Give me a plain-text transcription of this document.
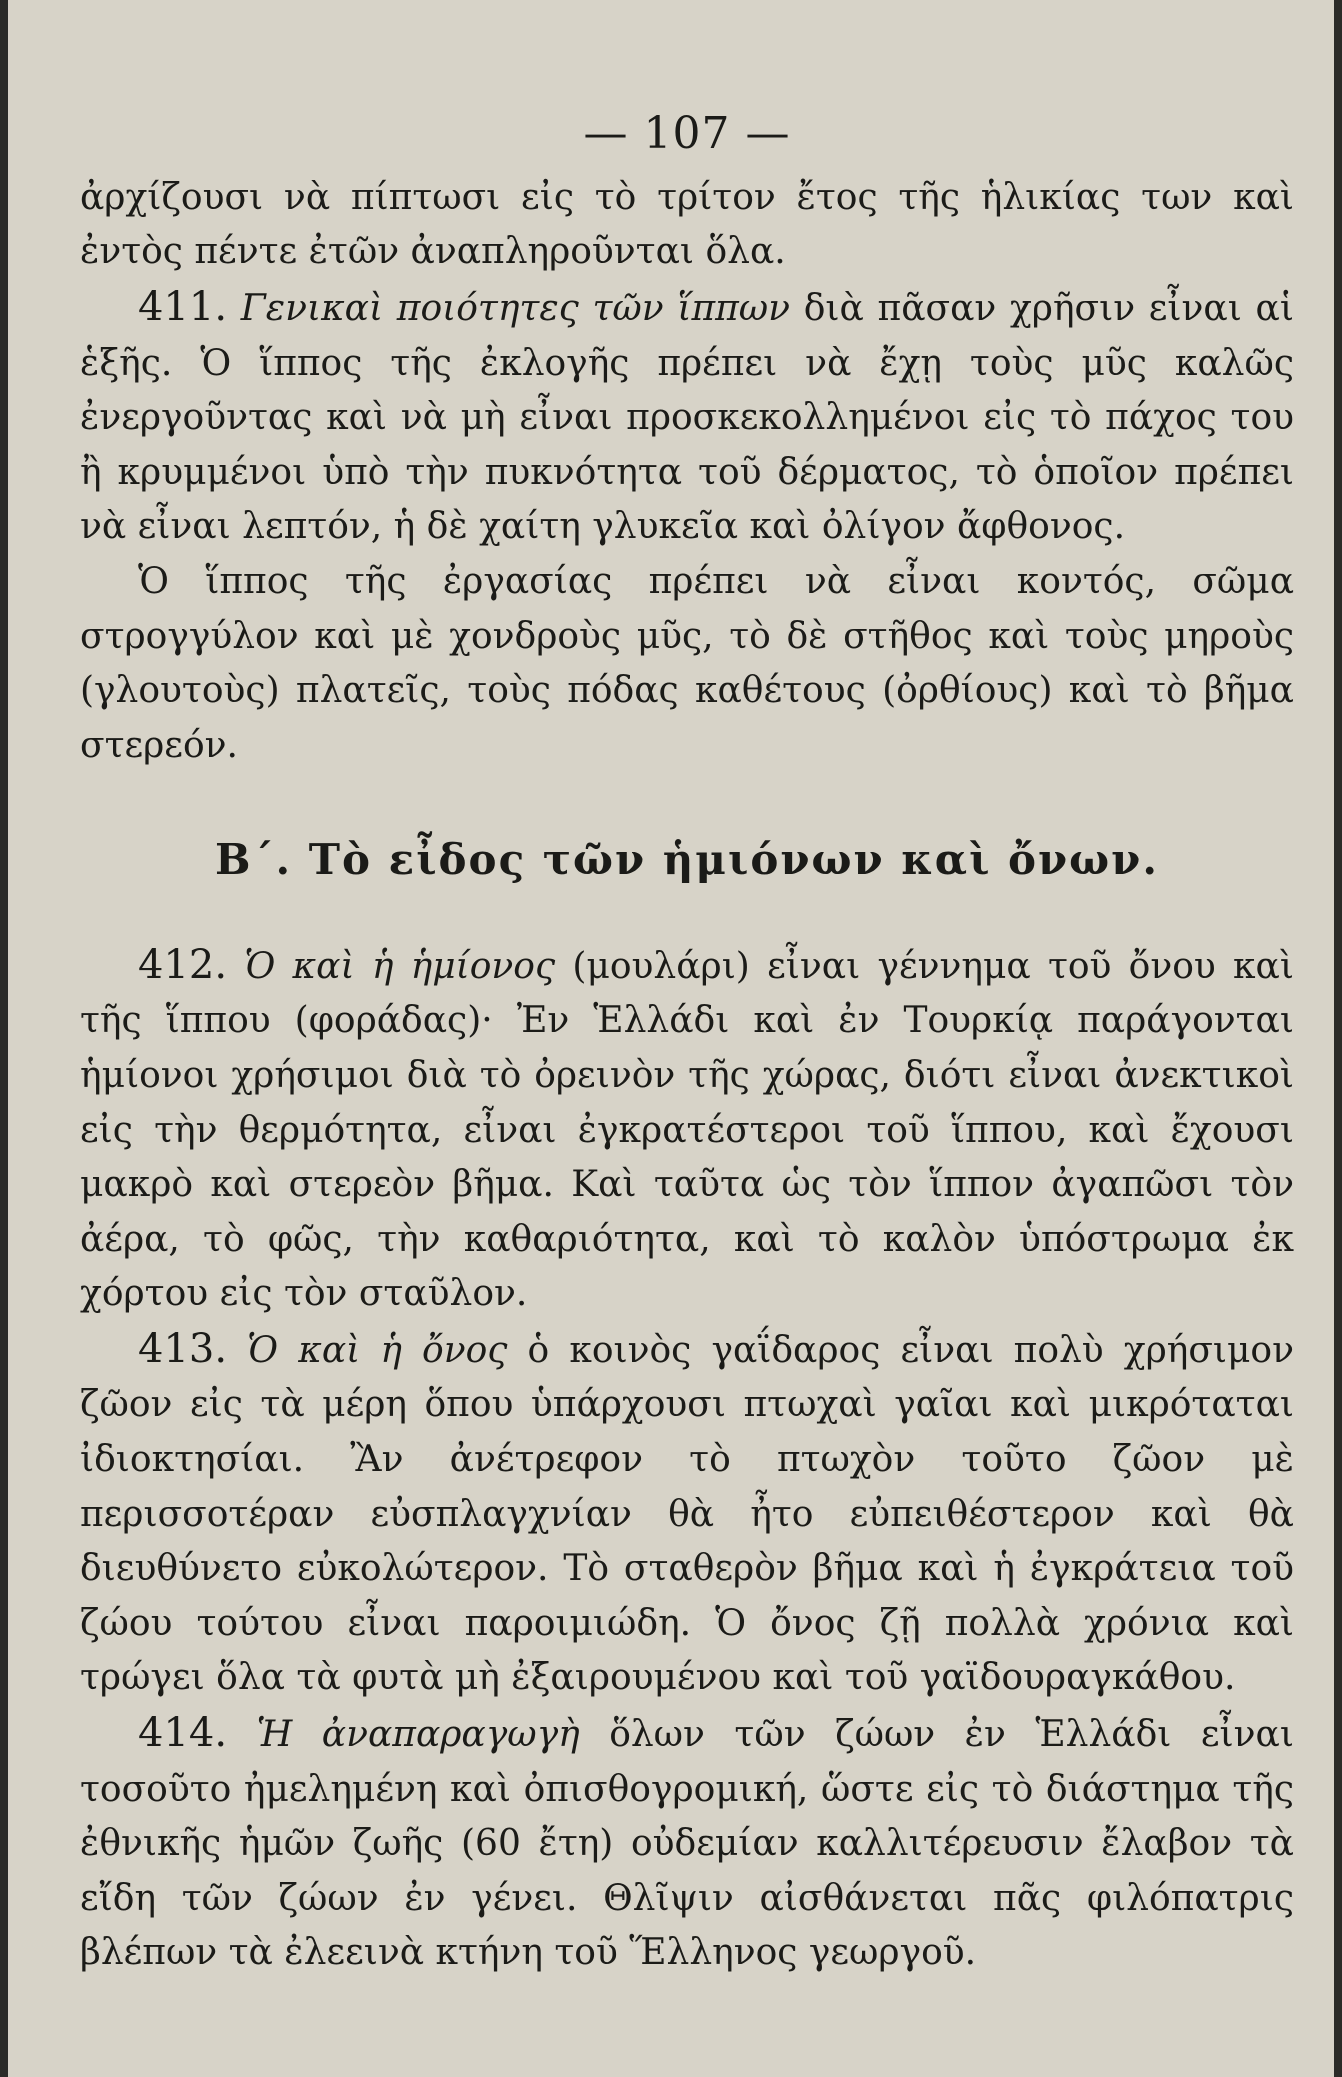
— 107 —

ἀρχίζουσι νὰ πίπτωσι εἰς τὸ τρίτον ἔτος τῆς ἡλικίας των καὶ ἐντὸς πέντε ἐτῶν ἀναπληροῦνται ὅλα.

411. Γενικαὶ ποιότητες τῶν ἵππων διὰ πᾶσαν χρῆσιν εἶναι αἱ ἑξῆς. Ὁ ἵππος τῆς ἐκλογῆς πρέπει νὰ ἔχῃ τοὺς μῦς καλῶς ἐνεργοῦντας καὶ νὰ μὴ εἶναι προσκεκολλημένοι εἰς τὸ πάχος του ἢ κρυμμένοι ὑπὸ τὴν πυκνότητα τοῦ δέρματος, τὸ ὁποῖον πρέπει νὰ εἶναι λεπτόν, ἡ δὲ χαίτη γλυκεῖα καὶ ὀλίγον ἄφθονος.

Ὁ ἵππος τῆς ἐργασίας πρέπει νὰ εἶναι κοντός, σῶμα στρογγύλον καὶ μὲ χονδροὺς μῦς, τὸ δὲ στῆθος καὶ τοὺς μηροὺς (γλουτοὺς) πλατεῖς, τοὺς πόδας καθέτους (ὀρθίους) καὶ τὸ βῆμα στερεόν.

Β΄. Τὸ εἶδος τῶν ἡμιόνων καὶ ὄνων.

412. Ὁ καὶ ἡ ἡμίονος (μουλάρι) εἶναι γέννημα τοῦ ὄνου καὶ τῆς ἵππου (φοράδας)· Ἐν Ἑλλάδι καὶ ἐν Τουρκίᾳ παράγονται ἡμίονοι χρήσιμοι διὰ τὸ ὀρεινὸν τῆς χώρας, διότι εἶναι ἀνεκτικοὶ εἰς τὴν θερμότητα, εἶναι ἐγκρατέστεροι τοῦ ἵππου, καὶ ἔχουσι μακρὸ καὶ στερεὸν βῆμα. Καὶ ταῦτα ὡς τὸν ἵππον ἀγαπῶσι τὸν ἀέρα, τὸ φῶς, τὴν καθαριότητα, καὶ τὸ καλὸν ὑπόστρωμα ἐκ χόρτου εἰς τὸν σταῦλον.

413. Ὁ καὶ ἡ ὄνος ὁ κοινὸς γαΐδαρος εἶναι πολὺ χρήσιμον ζῶον εἰς τὰ μέρη ὅπου ὑπάρχουσι πτωχαὶ γαῖαι καὶ μικρόταται ἰδιοκτησίαι. Ἂν ἀνέτρεφον τὸ πτωχὸν τοῦτο ζῶον μὲ περισσοτέραν εὐσπλαγχνίαν θὰ ἦτο εὐπειθέστερον καὶ θὰ διευθύνετο εὐκολώτερον. Τὸ σταθερὸν βῆμα καὶ ἡ ἐγκράτεια τοῦ ζώου τούτου εἶναι παροιμιώδη. Ὁ ὄνος ζῇ πολλὰ χρόνια καὶ τρώγει ὅλα τὰ φυτὰ μὴ ἐξαιρουμένου καὶ τοῦ γαϊδουραγκάθου.

414. Ἡ ἀναπαραγωγὴ ὅλων τῶν ζώων ἐν Ἑλλάδι εἶναι τοσοῦτο ἠμελημένη καὶ ὀπισθογρομική, ὥστε εἰς τὸ διάστημα τῆς ἐθνικῆς ἡμῶν ζωῆς (60 ἔτη) οὐδεμίαν καλλιτέρευσιν ἔλαβον τὰ εἴδη τῶν ζώων ἐν γένει. Θλῖψιν αἰσθάνεται πᾶς φιλόπατρις βλέπων τὰ ἐλεεινὰ κτήνη τοῦ Ἕλληνος γεωργοῦ.
